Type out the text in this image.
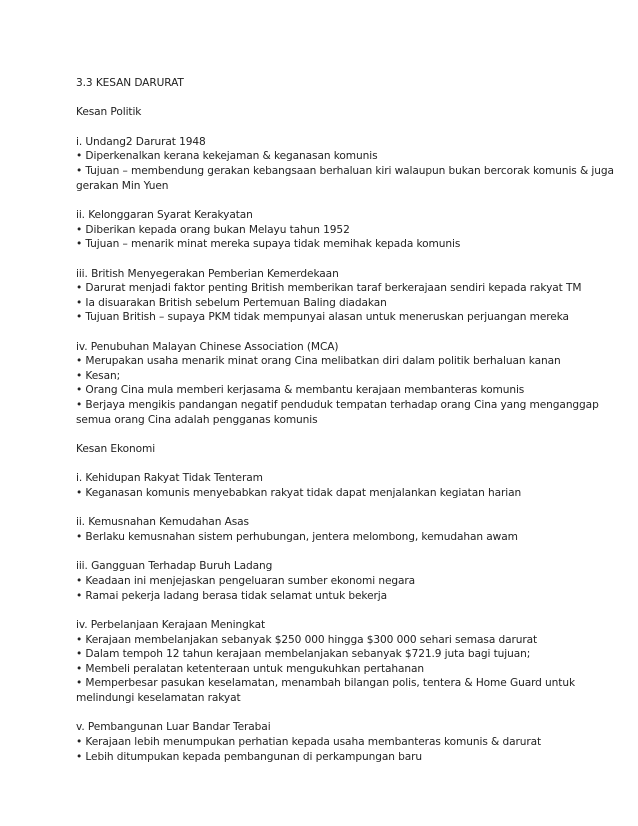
3.3 KESAN DARURAT
Kesan Politik
i. Undang2 Darurat 1948
• Diperkenalkan kerana kekejaman & keganasan komunis
• Tujuan – membendung gerakan kebangsaan berhaluan kiri walaupun bukan bercorak komunis & juga
gerakan Min Yuen
ii. Kelonggaran Syarat Kerakyatan
• Diberikan kepada orang bukan Melayu tahun 1952
• Tujuan – menarik minat mereka supaya tidak memihak kepada komunis
iii. British Menyegerakan Pemberian Kemerdekaan
• Darurat menjadi faktor penting British memberikan taraf berkerajaan sendiri kepada rakyat TM
• Ia disuarakan British sebelum Pertemuan Baling diadakan
• Tujuan British – supaya PKM tidak mempunyai alasan untuk meneruskan perjuangan mereka
iv. Penubuhan Malayan Chinese Association (MCA)
• Merupakan usaha menarik minat orang Cina melibatkan diri dalam politik berhaluan kanan
• Kesan;
• Orang Cina mula memberi kerjasama & membantu kerajaan membanteras komunis
• Berjaya mengikis pandangan negatif penduduk tempatan terhadap orang Cina yang menganggap
semua orang Cina adalah pengganas komunis
Kesan Ekonomi
i. Kehidupan Rakyat Tidak Tenteram
• Keganasan komunis menyebabkan rakyat tidak dapat menjalankan kegiatan harian
ii. Kemusnahan Kemudahan Asas
• Berlaku kemusnahan sistem perhubungan, jentera melombong, kemudahan awam
iii. Gangguan Terhadap Buruh Ladang
• Keadaan ini menjejaskan pengeluaran sumber ekonomi negara
• Ramai pekerja ladang berasa tidak selamat untuk bekerja
iv. Perbelanjaan Kerajaan Meningkat
• Kerajaan membelanjakan sebanyak $250 000 hingga $300 000 sehari semasa darurat
• Dalam tempoh 12 tahun kerajaan membelanjakan sebanyak $721.9 juta bagi tujuan;
• Membeli peralatan ketenteraan untuk mengukuhkan pertahanan
• Memperbesar pasukan keselamatan, menambah bilangan polis, tentera & Home Guard untuk
melindungi keselamatan rakyat
v. Pembangunan Luar Bandar Terabai
• Kerajaan lebih menumpukan perhatian kepada usaha membanteras komunis & darurat
• Lebih ditumpukan kepada pembangunan di perkampungan baru
